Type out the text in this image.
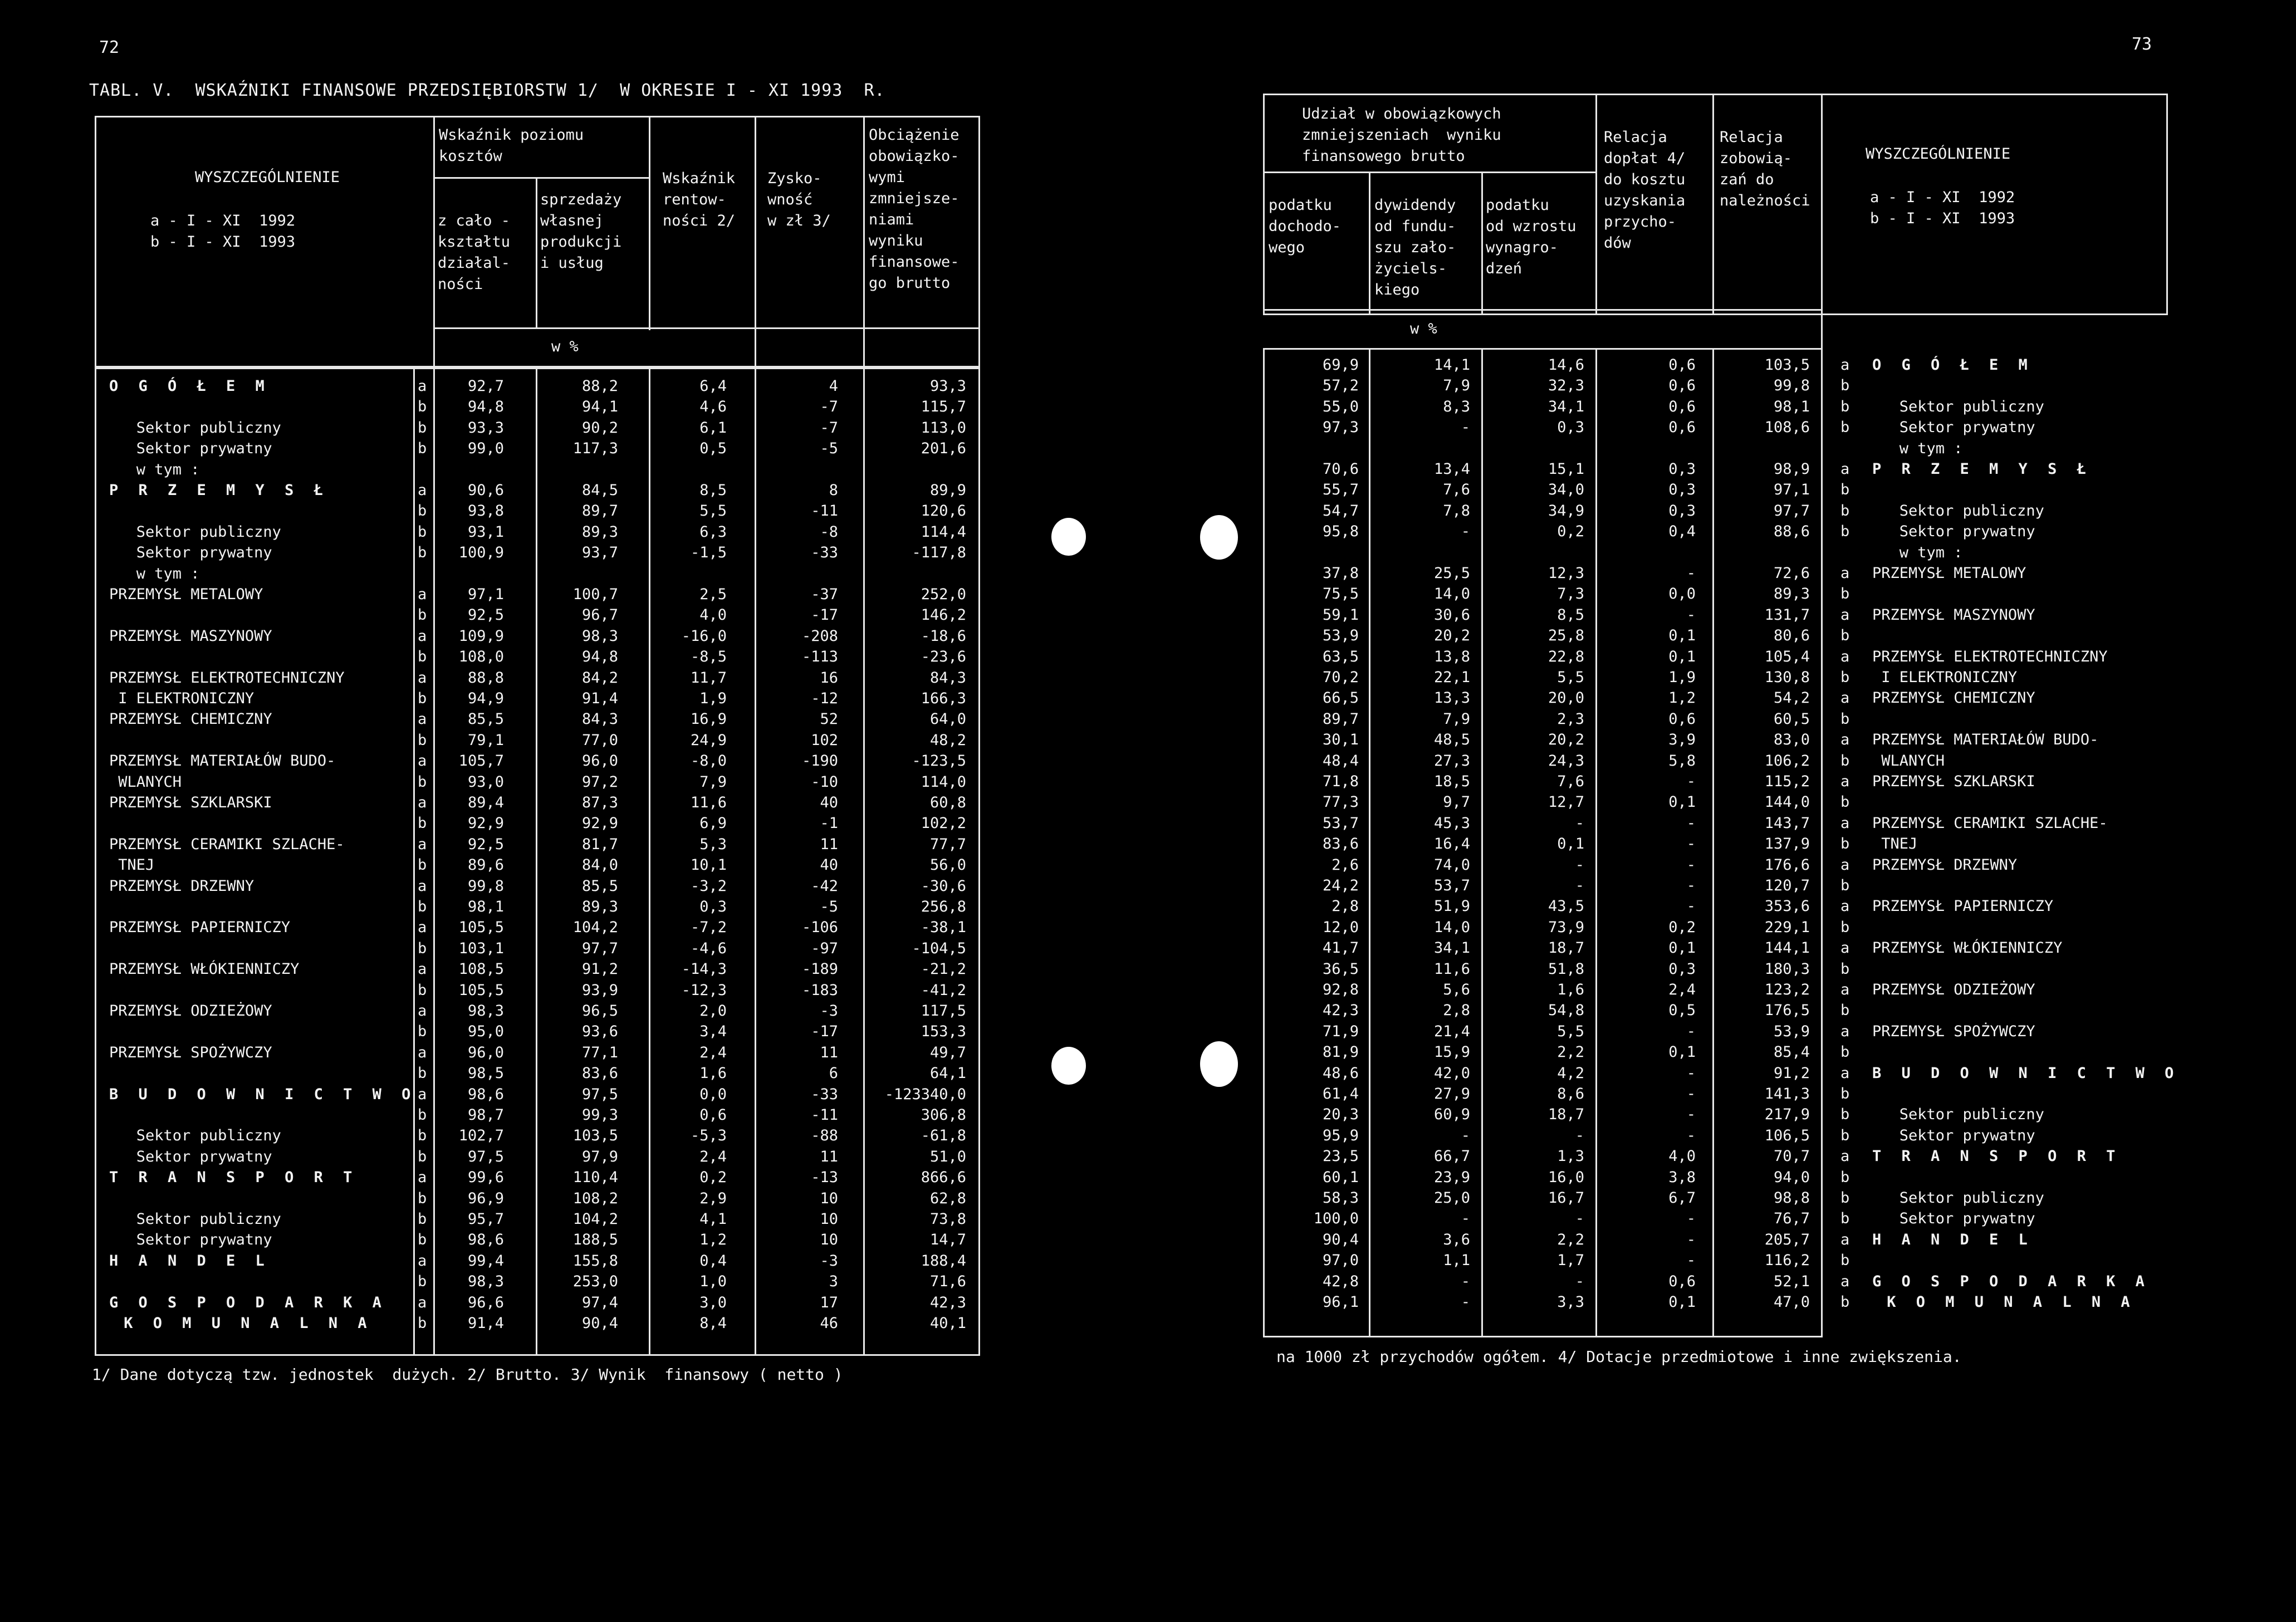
72	73
TABL. V.  WSKAŹNIKI FINANSOWE PRZEDSIĘBIORSTW 1/  W OKRESIE I - XI 1993  R.
WYSZCZEGÓLNIENIE
a - I - XI  1992
b - I - XI  1993
Wskaźnik poziomu
kosztów
z cało -
kształtu
działal-
ności
sprzedaży
własnej
produkcji
i usług
Wskaźnik
rentow-
ności 2/
Zysko-
wność
w zł 3/
Obciążenie
obowiązko-
wymi
zmniejsze-
niami
wyniku
finansowe-
go brutto
w %
O G Ó Ł E M	a	92,7	88,2	6,4	4	93,3
b	94,8	94,1	4,6	-7	115,7
Sektor publiczny	b	93,3	90,2	6,1	-7	113,0
Sektor prywatny	b	99,0	117,3	0,5	-5	201,6
w tym :
P R Z E M Y S Ł	a	90,6	84,5	8,5	8	89,9
b	93,8	89,7	5,5	-11	120,6
Sektor publiczny	b	93,1	89,3	6,3	-8	114,4
Sektor prywatny	b	100,9	93,7	-1,5	-33	-117,8
w tym :
PRZEMYSŁ METALOWY	a	97,1	100,7	2,5	-37	252,0
b	92,5	96,7	4,0	-17	146,2
PRZEMYSŁ MASZYNOWY	a	109,9	98,3	-16,0	-208	-18,6
b	108,0	94,8	-8,5	-113	-23,6
PRZEMYSŁ ELEKTROTECHNICZNY	a	88,8	84,2	11,7	16	84,3
I ELEKTRONICZNY	b	94,9	91,4	1,9	-12	166,3
PRZEMYSŁ CHEMICZNY	a	85,5	84,3	16,9	52	64,0
b	79,1	77,0	24,9	102	48,2
PRZEMYSŁ MATERIAŁÓW BUDO-	a	105,7	96,0	-8,0	-190	-123,5
WLANYCH	b	93,0	97,2	7,9	-10	114,0
PRZEMYSŁ SZKLARSKI	a	89,4	87,3	11,6	40	60,8
b	92,9	92,9	6,9	-1	102,2
PRZEMYSŁ CERAMIKI SZLACHE-	a	92,5	81,7	5,3	11	77,7
TNEJ	b	89,6	84,0	10,1	40	56,0
PRZEMYSŁ DRZEWNY	a	99,8	85,5	-3,2	-42	-30,6
b	98,1	89,3	0,3	-5	256,8
PRZEMYSŁ PAPIERNICZY	a	105,5	104,2	-7,2	-106	-38,1
b	103,1	97,7	-4,6	-97	-104,5
PRZEMYSŁ WŁÓKIENNICZY	a	108,5	91,2	-14,3	-189	-21,2
b	105,5	93,9	-12,3	-183	-41,2
PRZEMYSŁ ODZIEŻOWY	a	98,3	96,5	2,0	-3	117,5
b	95,0	93,6	3,4	-17	153,3
PRZEMYSŁ SPOŻYWCZY	a	96,0	77,1	2,4	11	49,7
b	98,5	83,6	1,6	6	64,1
B U D O W N I C T W O a	98,6	97,5	0,0	-33	-123340,0
b	98,7	99,3	0,6	-11	306,8
Sektor publiczny	b	102,7	103,5	-5,3	-88	-61,8
Sektor prywatny	b	97,5	97,9	2,4	11	51,0
T R A N S P O R T	a	99,6	110,4	0,2	-13	866,6
b	96,9	108,2	2,9	10	62,8
Sektor publiczny	b	95,7	104,2	4,1	10	73,8
Sektor prywatny	b	98,6	188,5	1,2	10	14,7
H A N D E L	a	99,4	155,8	0,4	-3	188,4
b	98,3	253,0	1,0	3	71,6
G O S P O D A R K A a	96,6	97,4	3,0	17	42,3
K O M U N A L N A	b	91,4	90,4	8,4	46	40,1
1/ Dane dotyczą tzw. jednostek  dużych. 2/ Brutto. 3/ Wynik  finansowy ( netto )
Udział w obowiązkowych
zmniejszeniach  wyniku
finansowego brutto
podatku
dochodo-
wego
dywidendy
od fundu-
szu zało-
życiels-
kiego
podatku
od wzrostu
wynagro-
dzeń
Relacja
dopłat 4/
do kosztu
uzyskania
przycho-
dów
Relacja
zobowią-
zań do
należności
WYSZCZEGÓLNIENIE
a - I - XI  1992
b - I - XI  1993
w %
69,9	14,1	14,6	0,6	103,5 a O G Ó Ł E M
57,2	7,9	32,3	0,6	99,8 b
55,0	8,3	34,1	0,6	98,1 b Sektor publiczny
97,3	-	0,3	0,6	108,6 b Sektor prywatny
w tym :
70,6	13,4	15,1	0,3	98,9 a P R Z E M Y S Ł
55,7	7,6	34,0	0,3	97,1 b
54,7	7,8	34,9	0,3	97,7 b Sektor publiczny
95,8	-	0,2	0,4	88,6 b Sektor prywatny
w tym :
37,8	25,5	12,3	-	72,6 a PRZEMYSŁ METALOWY
75,5	14,0	7,3	0,0	89,3 b
59,1	30,6	8,5	-	131,7 a PRZEMYSŁ MASZYNOWY
53,9	20,2	25,8	0,1	80,6 b
63,5	13,8	22,8	0,1	105,4 a PRZEMYSŁ ELEKTROTECHNICZNY
70,2	22,1	5,5	1,9	130,8 b I ELEKTRONICZNY
66,5	13,3	20,0	1,2	54,2 a PRZEMYSŁ CHEMICZNY
89,7	7,9	2,3	0,6	60,5 b
30,1	48,5	20,2	3,9	83,0 a PRZEMYSŁ MATERIAŁÓW BUDO-
48,4	27,3	24,3	5,8	106,2 b WLANYCH
71,8	18,5	7,6	-	115,2 a PRZEMYSŁ SZKLARSKI
77,3	9,7	12,7	0,1	144,0 b
53,7	45,3	-	-	143,7 a PRZEMYSŁ CERAMIKI SZLACHE-
83,6	16,4	0,1	-	137,9 b TNEJ
2,6	74,0	-	-	176,6 a PRZEMYSŁ DRZEWNY
24,2	53,7	-	-	120,7 b
2,8	51,9	43,5	-	353,6 a PRZEMYSŁ PAPIERNICZY
12,0	14,0	73,9	0,2	229,1 b
41,7	34,1	18,7	0,1	144,1 a PRZEMYSŁ WŁÓKIENNICZY
36,5	11,6	51,8	0,3	180,3 b
92,8	5,6	1,6	2,4	123,2 a PRZEMYSŁ ODZIEŻOWY
42,3	2,8	54,8	0,5	176,5 b
71,9	21,4	5,5	-	53,9 a PRZEMYSŁ SPOŻYWCZY
81,9	15,9	2,2	0,1	85,4 b
48,6	42,0	4,2	-	91,2 a B U D O W N I C T W O
61,4	27,9	8,6	-	141,3 b
20,3	60,9	18,7	-	217,9 b Sektor publiczny
95,9	-	-	-	106,5 b Sektor prywatny
23,5	66,7	1,3	4,0	70,7 a T R A N S P O R T
60,1	23,9	16,0	3,8	94,0 b
58,3	25,0	16,7	6,7	98,8 b Sektor publiczny
100,0	-	-	-	76,7 b Sektor prywatny
90,4	3,6	2,2	-	205,7 a H A N D E L
97,0	1,1	1,7	-	116,2 b
42,8	-	-	0,6	52,1 a G O S P O D A R K A
96,1	-	3,3	0,1	47,0 b K O M U N A L N A
na 1000 zł przychodów ogółem. 4/ Dotacje przedmiotowe i inne zwiększenia.
